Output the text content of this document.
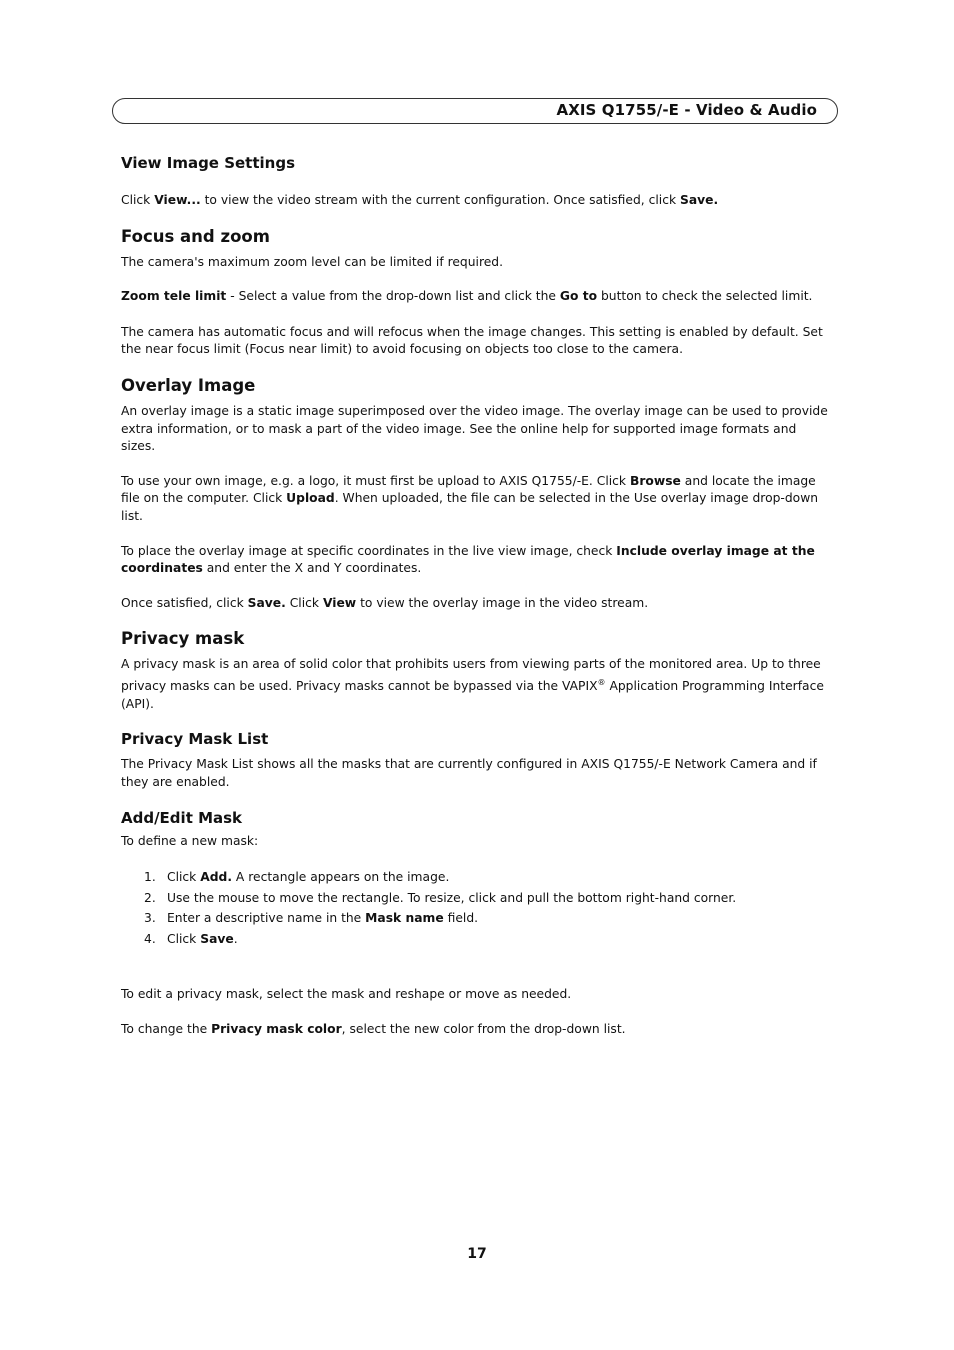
AXIS Q1755/-E - Video & Audio
View Image Settings

Click View... to view the video stream with the current configuration. Once satisfied, click Save.

Focus and zoom

The camera's maximum zoom level can be limited if required.

Zoom tele limit - Select a value from the drop-down list and click the Go to button to check the selected limit.

The camera has automatic focus and will refocus when the image changes. This setting is enabled by default. Set the near focus limit (Focus near limit) to avoid focusing on objects too close to the camera.

Overlay Image

An overlay image is a static image superimposed over the video image. The overlay image can be used to provide extra information, or to mask a part of the video image. See the online help for supported image formats and sizes.

To use your own image, e.g. a logo, it must first be upload to AXIS Q1755/-E. Click Browse and locate the image file on the computer. Click Upload. When uploaded, the file can be selected in the Use overlay image drop-down list.

To place the overlay image at specific coordinates in the live view image, check Include overlay image at the coordinates and enter the X and Y coordinates.

Once satisfied, click Save. Click View to view the overlay image in the video stream.

Privacy mask

A privacy mask is an area of solid color that prohibits users from viewing parts of the monitored area. Up to three privacy masks can be used. Privacy masks cannot be bypassed via the VAPIX® Application Programming Interface (API).

Privacy Mask List

The Privacy Mask List shows all the masks that are currently configured in AXIS Q1755/-E Network Camera and if they are enabled.

Add/Edit Mask

To define a new mask:

1. Click Add. A rectangle appears on the image.
2. Use the mouse to move the rectangle. To resize, click and pull the bottom right-hand corner.
3. Enter a descriptive name in the Mask name field.
4. Click Save.

To edit a privacy mask, select the mask and reshape or move as needed.

To change the Privacy mask color, select the new color from the drop-down list.

17
